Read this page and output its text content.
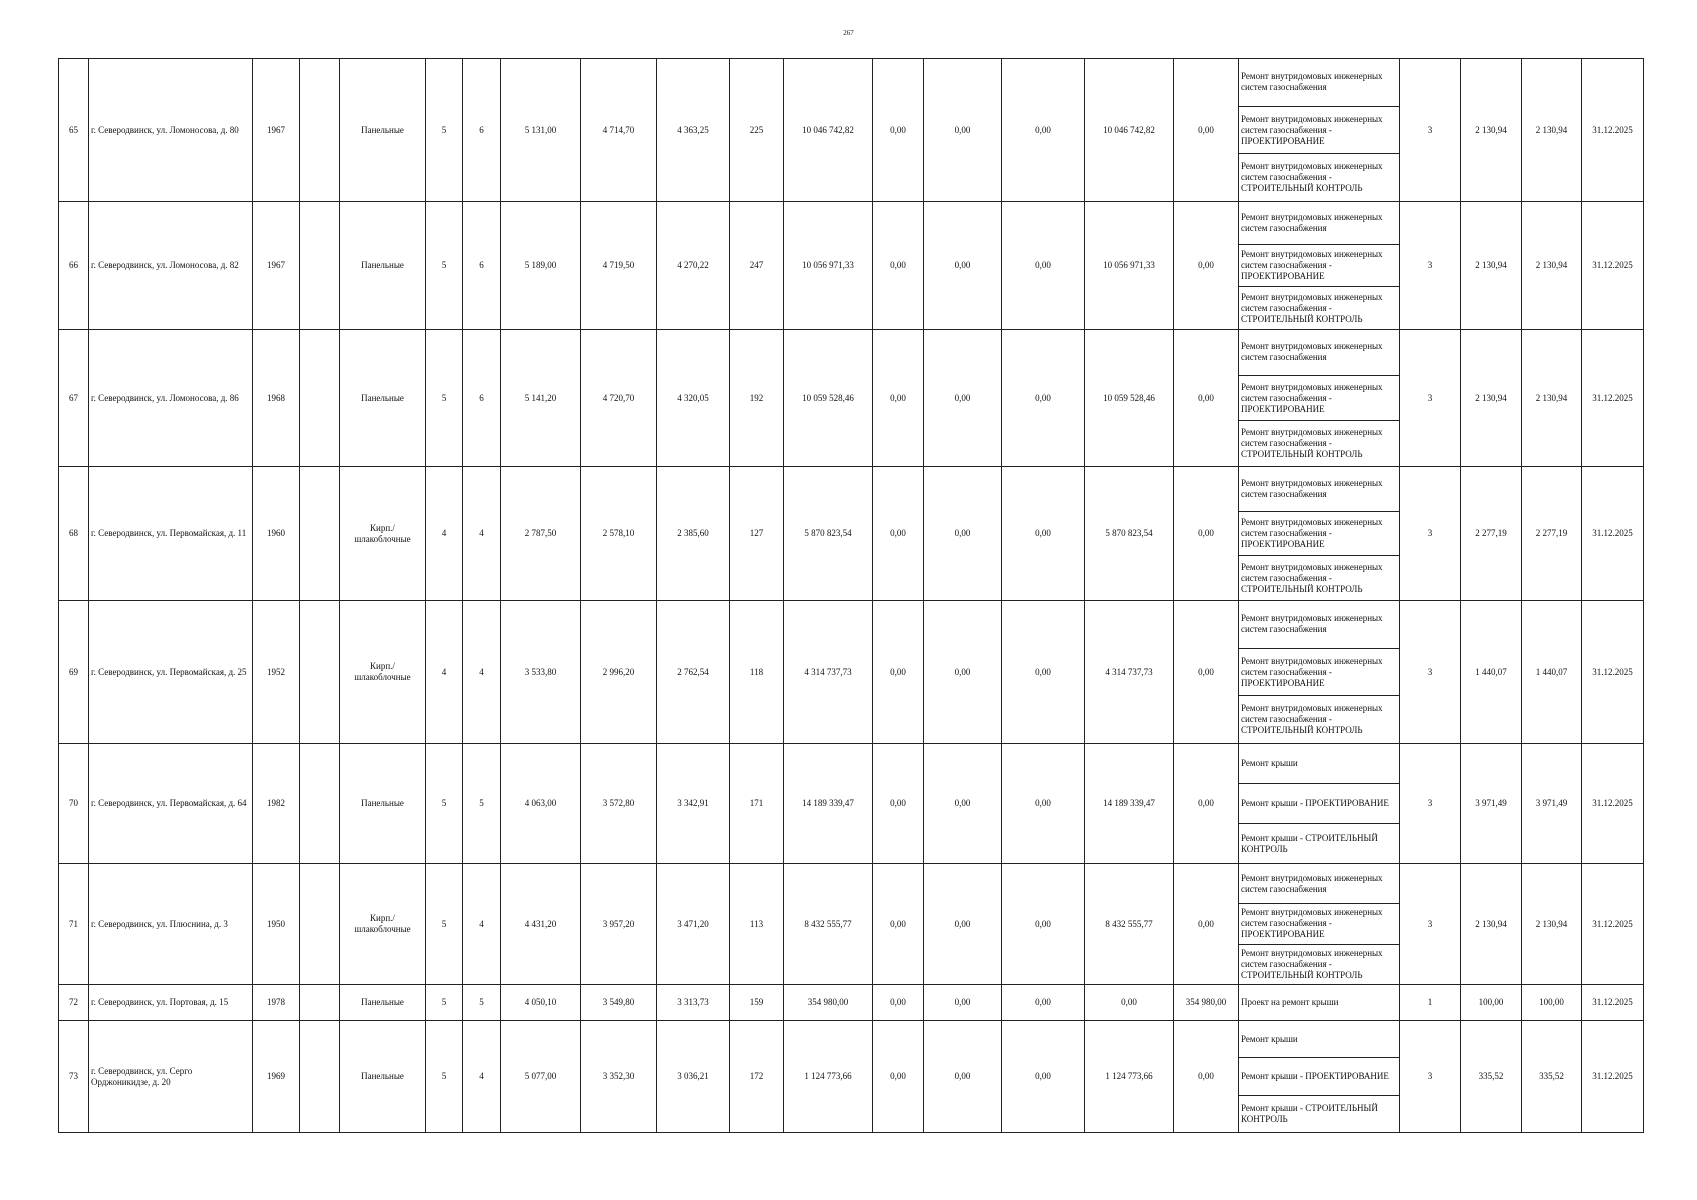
267
65	г. Северодвинск, ул. Ломоносова, д. 80	1967		Панельные	5	6	5 131,00	4 714,70	4 363,25	225	10 046 742,82	0,00	0,00	0,00	10 046 742,82	0,00	Ремонт внутридомовых инженерных систем газоснабжения
Ремонт внутридомовых инженерных систем газоснабжения - ПРОЕКТИРОВАНИЕ
Ремонт внутридомовых инженерных систем газоснабжения - СТРОИТЕЛЬНЫЙ КОНТРОЛЬ	3	2 130,94	2 130,94	31.12.2025
66	г. Северодвинск, ул. Ломоносова, д. 82	1967		Панельные	5	6	5 189,00	4 719,50	4 270,22	247	10 056 971,33	0,00	0,00	0,00	10 056 971,33	0,00	Ремонт внутридомовых инженерных систем газоснабжения
Ремонт внутридомовых инженерных систем газоснабжения - ПРОЕКТИРОВАНИЕ
Ремонт внутридомовых инженерных систем газоснабжения - СТРОИТЕЛЬНЫЙ КОНТРОЛЬ	3	2 130,94	2 130,94	31.12.2025
67	г. Северодвинск, ул. Ломоносова, д. 86	1968		Панельные	5	6	5 141,20	4 720,70	4 320,05	192	10 059 528,46	0,00	0,00	0,00	10 059 528,46	0,00	Ремонт внутридомовых инженерных систем газоснабжения
Ремонт внутридомовых инженерных систем газоснабжения - ПРОЕКТИРОВАНИЕ
Ремонт внутридомовых инженерных систем газоснабжения - СТРОИТЕЛЬНЫЙ КОНТРОЛЬ	3	2 130,94	2 130,94	31.12.2025
68	г. Северодвинск, ул. Первомайская, д. 11	1960		Кирп./ шлакоблочные	4	4	2 787,50	2 578,10	2 385,60	127	5 870 823,54	0,00	0,00	0,00	5 870 823,54	0,00	Ремонт внутридомовых инженерных систем газоснабжения
Ремонт внутридомовых инженерных систем газоснабжения - ПРОЕКТИРОВАНИЕ
Ремонт внутридомовых инженерных систем газоснабжения - СТРОИТЕЛЬНЫЙ КОНТРОЛЬ	3	2 277,19	2 277,19	31.12.2025
69	г. Северодвинск, ул. Первомайская, д. 25	1952		Кирп./ шлакоблочные	4	4	3 533,80	2 996,20	2 762,54	118	4 314 737,73	0,00	0,00	0,00	4 314 737,73	0,00	Ремонт внутридомовых инженерных систем газоснабжения
Ремонт внутридомовых инженерных систем газоснабжения - ПРОЕКТИРОВАНИЕ
Ремонт внутридомовых инженерных систем газоснабжения - СТРОИТЕЛЬНЫЙ КОНТРОЛЬ	3	1 440,07	1 440,07	31.12.2025
70	г. Северодвинск, ул. Первомайская, д. 64	1982		Панельные	5	5	4 063,00	3 572,80	3 342,91	171	14 189 339,47	0,00	0,00	0,00	14 189 339,47	0,00	Ремонт крыши
Ремонт крыши - ПРОЕКТИРОВАНИЕ
Ремонт крыши - СТРОИТЕЛЬНЫЙ КОНТРОЛЬ	3	3 971,49	3 971,49	31.12.2025
71	г. Северодвинск, ул. Плюснина, д. 3	1950		Кирп./ шлакоблочные	5	4	4 431,20	3 957,20	3 471,20	113	8 432 555,77	0,00	0,00	0,00	8 432 555,77	0,00	Ремонт внутридомовых инженерных систем газоснабжения
Ремонт внутридомовых инженерных систем газоснабжения - ПРОЕКТИРОВАНИЕ
Ремонт внутридомовых инженерных систем газоснабжения - СТРОИТЕЛЬНЫЙ КОНТРОЛЬ	3	2 130,94	2 130,94	31.12.2025
72	г. Северодвинск, ул. Портовая, д. 15	1978		Панельные	5	5	4 050,10	3 549,80	3 313,73	159	354 980,00	0,00	0,00	0,00	0,00	354 980,00	Проект на ремонт крыши	1	100,00	100,00	31.12.2025
73	г. Северодвинск, ул. Серго Орджоникидзе, д. 20	1969		Панельные	5	4	5 077,00	3 352,30	3 036,21	172	1 124 773,66	0,00	0,00	0,00	1 124 773,66	0,00	Ремонт крыши
Ремонт крыши - ПРОЕКТИРОВАНИЕ
Ремонт крыши - СТРОИТЕЛЬНЫЙ КОНТРОЛЬ	3	335,52	335,52	31.12.2025
